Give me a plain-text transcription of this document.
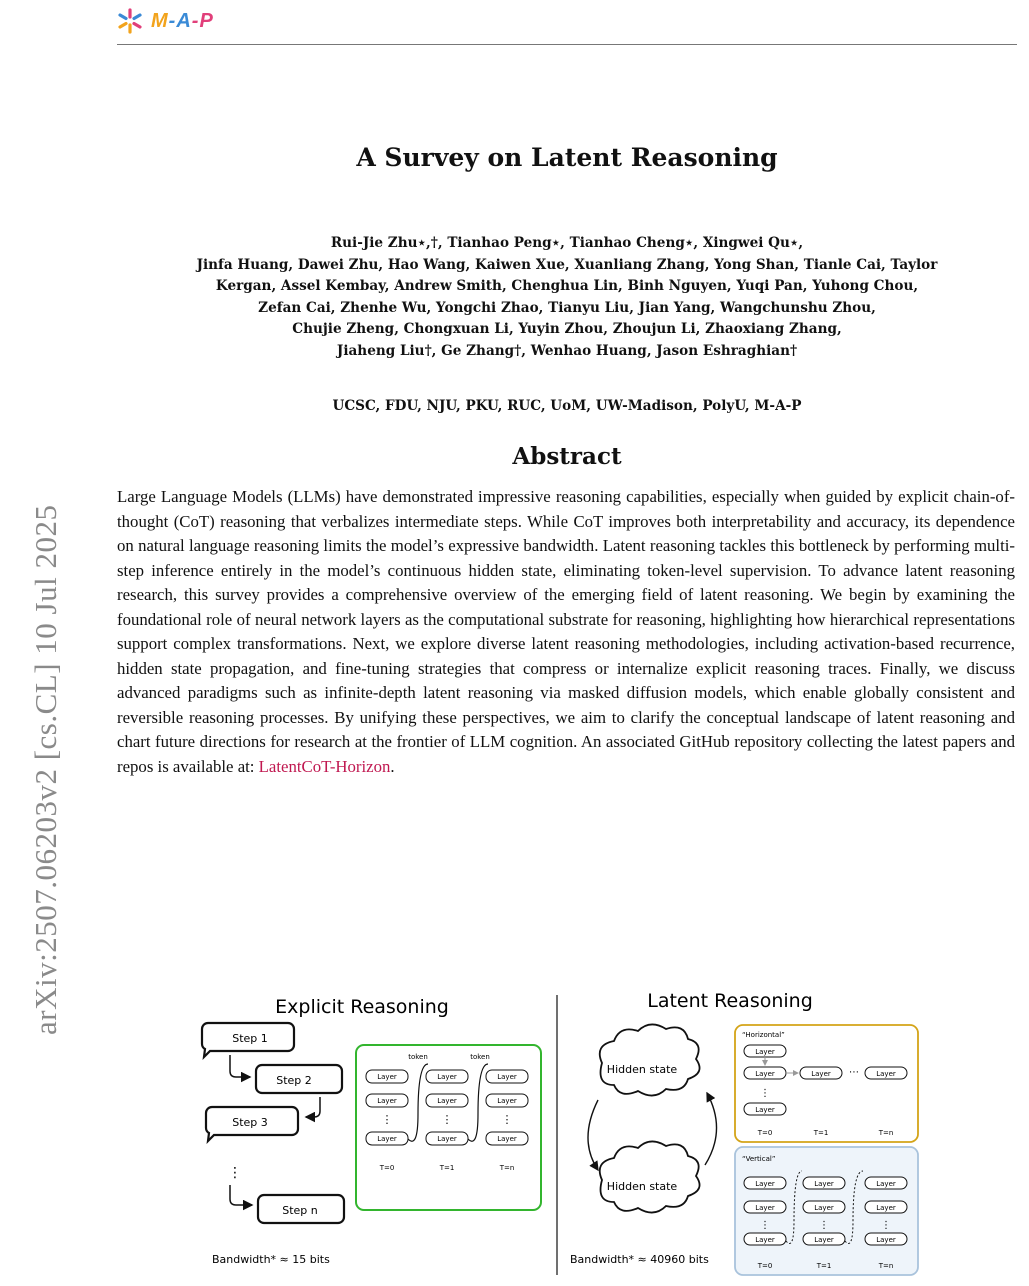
M-A-P
arXiv:2507.06203v2 [cs.CL] 10 Jul 2025
A Survey on Latent Reasoning
Rui-Jie Zhu⋆,†, Tianhao Peng⋆, Tianhao Cheng⋆, Xingwei Qu⋆,
Jinfa Huang, Dawei Zhu, Hao Wang, Kaiwen Xue, Xuanliang Zhang, Yong Shan, Tianle Cai, Taylor
Kergan, Assel Kembay, Andrew Smith, Chenghua Lin, Binh Nguyen, Yuqi Pan, Yuhong Chou,
Zefan Cai, Zhenhe Wu, Yongchi Zhao, Tianyu Liu, Jian Yang, Wangchunshu Zhou,
Chujie Zheng, Chongxuan Li, Yuyin Zhou, Zhoujun Li, Zhaoxiang Zhang,
Jiaheng Liu†, Ge Zhang†, Wenhao Huang, Jason Eshraghian†
UCSC, FDU, NJU, PKU, RUC, UoM, UW-Madison, PolyU, M-A-P
Abstract
Large Language Models (LLMs) have demonstrated impressive reasoning capabilities, especially when guided by explicit chain-of-thought (CoT) reasoning that verbalizes intermediate steps. While CoT improves both interpretability and accuracy, its dependence on natural language reasoning limits the model’s expressive bandwidth. Latent reasoning tackles this bottleneck by performing multi-step inference entirely in the model’s continuous hidden state, eliminating token-level supervision. To advance latent reasoning research, this survey provides a comprehensive overview of the emerging field of latent reasoning. We begin by examining the foundational role of neural network layers as the computational substrate for reasoning, highlighting how hierarchical representations support complex transformations. Next, we explore diverse latent reasoning methodologies, including activation-based recurrence, hidden state propagation, and fine-tuning strategies that compress or internalize explicit reasoning traces. Finally, we discuss advanced paradigms such as infinite-depth latent reasoning via masked diffusion models, which enable globally consistent and reversible reasoning processes. By unifying these perspectives, we aim to clarify the conceptual landscape of latent reasoning and chart future directions for research at the frontier of LLM cognition. An associated GitHub repository collecting the latest papers and repos is available at: LatentCoT-Horizon.
Explicit Reasoning	Latent Reasoning
Step 1
Step 2
Step 3
⋮
Step n
token	token
Layer
Layer
⋮
Layer
Layer
Layer
⋮
Layer
Layer
Layer
⋮
Layer
T=0	T=1	T=n
Bandwidth* ≈ 15 bits
Hidden state
Hidden state
“Horizontal”
Layer
Layer
⋮
Layer
Layer ⋯ Layer
T=0	T=1	T=n
“Vertical”
Layer
Layer
⋮
Layer
Layer
Layer
⋮
Layer
Layer
Layer
⋮
Layer
T=0	T=1	T=n
Bandwidth* ≈ 40960 bits
